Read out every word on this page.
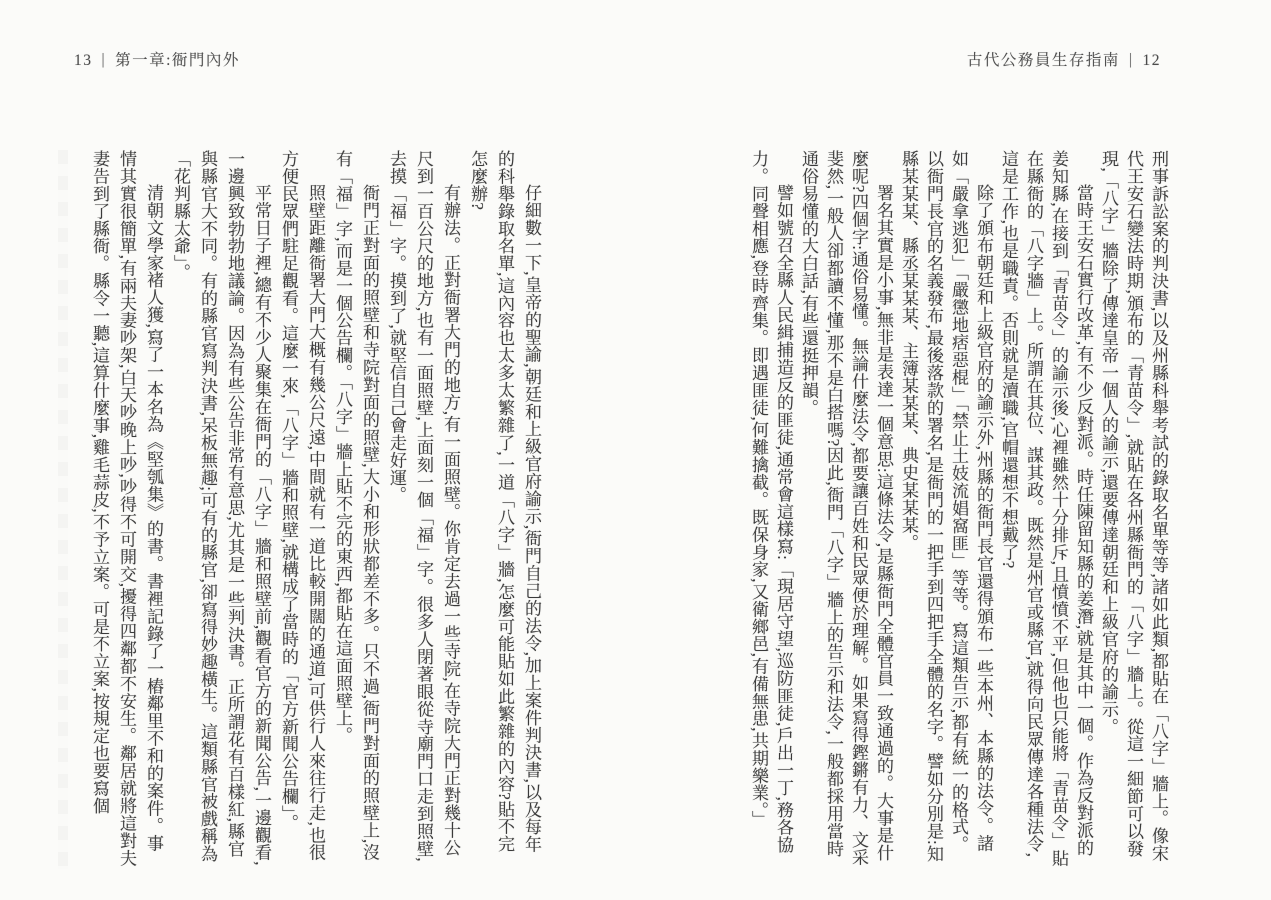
13 | 第一章:衙門內外

仔細數一下,皇帝的聖諭,朝廷和上級官府諭示,衙門自己的法令,加上案件判決書,以及每年的科舉錄取名單,這內容也太多太繁雜了,一道「八字」牆,怎麼可能貼如此繁雜的內容?貼不完怎麼辦?

有辦法。正對衙署大門的地方,有一面照壁。你肯定去過一些寺院,在寺院大門正對幾十公尺到一百公尺的地方,也有一面照壁,上面刻一個「福」字。很多人閉著眼從寺廟門口走到照壁,去摸「福」字。摸到了,就堅信自己會走好運。

衙門正對面的照壁和寺院對面的照壁,大小和形狀都差不多。只不過,衙門對面的照壁上,沒有「福」字,而是一個公告欄。「八字」牆上貼不完的東西,都貼在這面照壁上。

照壁距離衙署大門大概有幾公尺遠,中間就有一道比較開闊的通道,可供行人來往行走,也很方便民眾們駐足觀看。這麼一來,「八字」牆和照壁,就構成了當時的「官方新聞公告欄」。

平常日子裡,總有不少人聚集在衙門的「八字」牆和照壁前,觀看官方的新聞公告,一邊觀看,一邊興致勃勃地議論。因為有些公告非常有意思,尤其是一些判決書。正所謂花有百樣紅,縣官與縣官大不同。有的縣官寫判決書,呆板無趣;可有的縣官,卻寫得妙趣橫生。這類縣官被戲稱為「花判縣太爺」。

清朝文學家褚人獲,寫了一本名為《堅瓠集》的書。書裡記錄了一樁鄰里不和的案件。事情其實很簡單,有兩夫妻吵架,白天吵晚上吵,吵得不可開交,擾得四鄰都不安生。鄰居就將這對夫妻告到了縣衙。縣令一聽,這算什麼事,雞毛蒜皮,不予立案。可是不立案,按規定也要寫個

古代公務員生存指南 | 12

刑事訴訟案的判決書,以及州縣科舉考試的錄取名單等等,諸如此類,都貼在「八字」牆上。像宋代王安石變法時期,頒布的「青苗令」,就貼在各州縣衙門的「八字」牆上。從這一細節可以發現,「八字」牆除了傳達皇帝一個人的諭示,還要傳達朝廷和上級官府的諭示。

當時王安石實行改革,有不少反對派。時任陳留知縣的姜潛,就是其中一個。作為反對派的姜知縣,在接到「青苗令」的諭示後,心裡雖然十分排斥,且憤憤不平,但他也只能將「青苗令」貼在縣衙的「八字牆」上。所謂在其位、謀其政。既然是州官或縣官,就得向民眾傳達各種法令,這是工作,也是職責。否則就是瀆職,官帽還想不想戴了?

除了頒布朝廷和上級官府的諭示外,州縣的衙門長官還得頒布一些本州、本縣的法令。諸如「嚴拿逃犯」「嚴懲地痞惡棍」「禁止土妓流娼窩匪」等等。寫這類告示,都有統一的格式。以衙門長官的名義發布,最後落款的署名,是衙門的一把手到四把手全體的名字。譬如分別是:知縣某某某、縣丞某某某、主簿某某某、典史某某某。

署名其實是小事,無非是表達一個意思:這條法令,是縣衙門全體官員一致通過的。大事是什麼呢?四個字:通俗易懂。無論什麼法令,都要讓百姓和民眾便於理解。如果寫得鏗鏘有力、文采斐然,一般人卻都讀不懂,那不是白搭嗎?因此,衙門「八字」牆上的告示和法令,一般都採用當時通俗易懂的大白話,有些還挺押韻。

譬如號召全縣人民緝捕造反的匪徒,通常會這樣寫:「現居守望,巡防匪徒,戶出一丁,務各協力。同聲相應,登時齊集。即遇匪徒,何難擒截。既保身家,又衛鄉邑,有備無患,共期樂業。」
